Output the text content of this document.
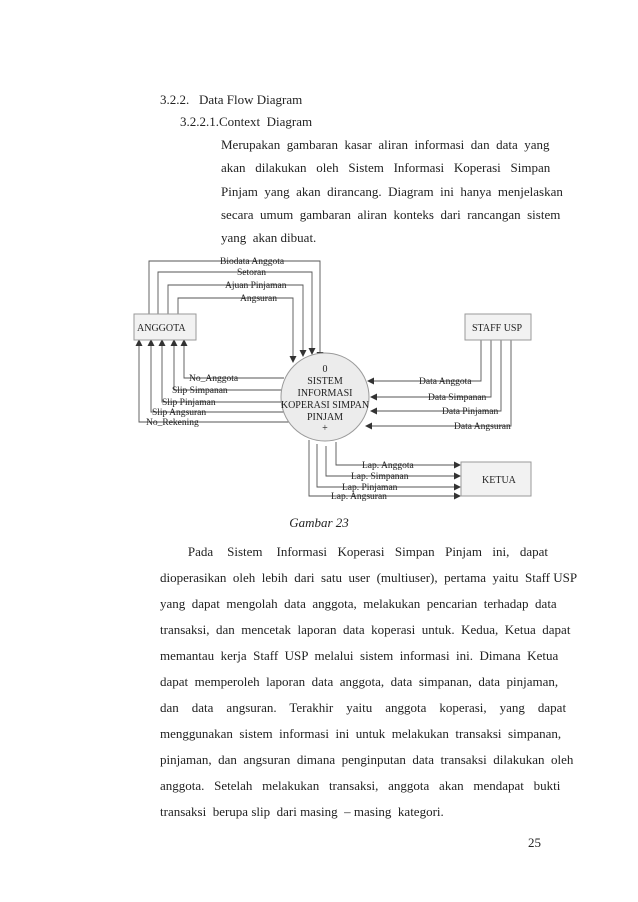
3.2.2.   Data Flow Diagram
3.2.2.1.Context  Diagram
Merupakan  gambaran  kasar  aliran  informasi  dan  data  yang
akan   dilakukan   oleh   Sistem   Informasi   Koperasi   Simpan
Pinjam  yang  akan  dirancang.  Diagram  ini  hanya  menjelaskan
secara  umum  gambaran  aliran  konteks  dari  rancangan  sistem
yang  akan dibuat.
ANGGOTA	STAFF USP
KETUA
0
SISTEM
INFORMASI
KOPERASI SIMPAN
PINJAM
+
Biodata Anggota
Setoran
Ajuan Pinjaman
Angsuran
No_Anggota
Slip Simpanan
Slip Pinjaman
Slip Angsuran
No_Rekening
Data Anggota
Data Simpanan
Data Pinjaman
Data Angsuran
Lap. Anggota
Lap. Simpanan
Lap. Pinjaman
Lap. Angsuran
Gambar 23
Pada    Sistem    Informasi   Koperasi   Simpan   Pinjam   ini,   dapat
dioperasikan  oleh  lebih  dari  satu  user  (multiuser),  pertama  yaitu  Staff USP
yang  dapat  mengolah  data  anggota,  melakukan  pencarian  terhadap  data
transaksi,  dan  mencetak  laporan  data  koperasi  untuk.  Kedua,  Ketua  dapat
memantau  kerja  Staff  USP  melalui  sistem  informasi  ini.  Dimana  Ketua
dapat  memperoleh  laporan  data  anggota,  data  simpanan,  data  pinjaman,
dan    data    angsuran.    Terakhir    yaitu    anggota    koperasi,    yang    dapat
menggunakan  sistem  informasi  ini  untuk  melakukan  transaksi  simpanan,
pinjaman,  dan  angsuran  dimana  penginputan  data  transaksi  dilakukan  oleh
anggota.   Setelah   melakukan   transaksi,   anggota   akan   mendapat   bukti
transaksi  berupa slip  dari masing  – masing  kategori.
25
